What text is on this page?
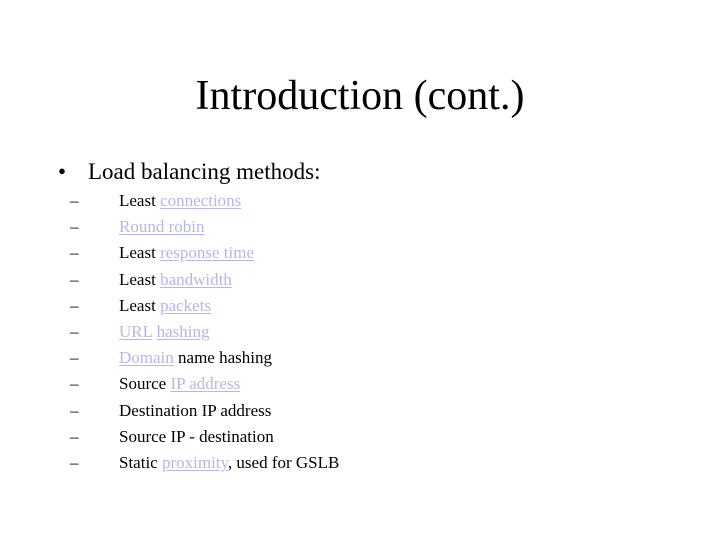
Introduction (cont.)
• Load balancing methods:
– Least connections
– Round robin
– Least response time
– Least bandwidth
– Least packets
– URL hashing
– Domain name hashing
– Source IP address
– Destination IP address
– Source IP - destination
– Static proximity, used for GSLB
